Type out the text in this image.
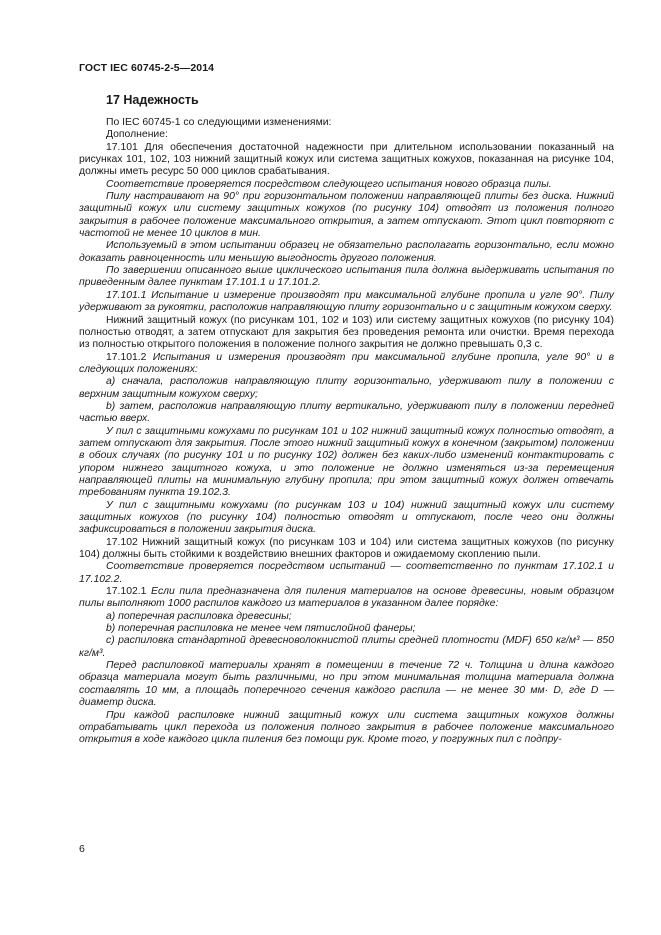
ГОСТ IEC 60745-2-5—2014
17 Надежность

По IEC 60745-1 со следующими изменениями:

Дополнение:

17.101 Для обеспечения достаточной надежности при длительном использовании показанный на рисунках 101, 102, 103 нижний защитный кожух или система защитных кожухов, показанная на рисунке 104, должны иметь ресурс 50 000 циклов срабатывания.

Соответствие проверяется посредством следующего испытания нового образца пилы.

Пилу настраивают на 90° при горизонтальном положении направляющей плиты без диска. Нижний защитный кожух или систему защитных кожухов (по рисунку 104) отводят из положения полного закрытия в рабочее положение максимального открытия, а затем отпускают. Этот цикл повторяют с частотой не менее 10 циклов в мин.

Используемый в этом испытании образец не обязательно располагать горизонтально, если можно доказать равноценность или меньшую выгодность другого положения.

По завершении описанного выше циклического испытания пила должна выдерживать испытания по приведенным далее пунктам 17.101.1 и 17.101.2.

17.101.1 Испытание и измерение производят при максимальной глубине пропила и угле 90°. Пилу удерживают за рукоятки, расположив направляющую плиту горизонтально и с защитным кожухом сверху.

Нижний защитный кожух (по рисункам 101, 102 и 103) или систему защитных кожухов (по рисунку 104) полностью отводят, а затем отпускают для закрытия без проведения ремонта или очистки. Время перехода из полностью открытого положения в положение полного закрытия не должно превышать 0,3 с.

17.101.2 Испытания и измерения производят при максимальной глубине пропила, угле 90° и в следующих положениях:

а) сначала, расположив направляющую плиту горизонтально, удерживают пилу в положении с верхним защитным кожухом сверху;

b) затем, расположив направляющую плиту вертикально, удерживают пилу в положении передней частью вверх.

У пил с защитными кожухами по рисункам 101 и 102 нижний защитный кожух полностью отводят, а затем отпускают для закрытия. После этого нижний защитный кожух в конечном (закрытом) положении в обоих случаях (по рисунку 101 и по рисунку 102) должен без каких-либо изменений контактировать с упором нижнего защитного кожуха, и это положение не должно изменяться из-за перемещения направляющей плиты на минимальную глубину пропила; при этом защитный кожух должен отвечать требованиям пункта 19.102.3.

У пил с защитными кожухами (по рисункам 103 и 104) нижний защитный кожух или систему защитных кожухов (по рисунку 104) полностью отводят и отпускают, после чего они должны зафиксироваться в положении закрытия диска.

17.102 Нижний защитный кожух (по рисункам 103 и 104) или система защитных кожухов (по рисунку 104) должны быть стойкими к воздействию внешних факторов и ожидаемому скоплению пыли.

Соответствие проверяется посредством испытаний — соответственно по пунктам 17.102.1 и 17.102.2.

17.102.1 Если пила предназначена для пиления материалов на основе древесины, новым образцом пилы выполняют 1000 распилов каждого из материалов в указанном далее порядке:

а) поперечная распиловка древесины;

b) поперечная распиловка не менее чем пятислойной фанеры;

с) распиловка стандартной древесноволокнистой плиты средней плотности (MDF) 650 кг/м³ — 850 кг/м³.

Перед распиловкой материалы хранят в помещении в течение 72 ч. Толщина и длина каждого образца материала могут быть различными, но при этом минимальная толщина материала должна составлять 10 мм, а площадь поперечного сечения каждого распила — не менее 30 мм· D, где D — диаметр диска.

При каждой распиловке нижний защитный кожух или система защитных кожухов должны отрабатывать цикл перехода из положения полного закрытия в рабочее положение максимального открытия в ходе каждого цикла пиления без помощи рук. Кроме того, у погружных пил с подпру-

6
